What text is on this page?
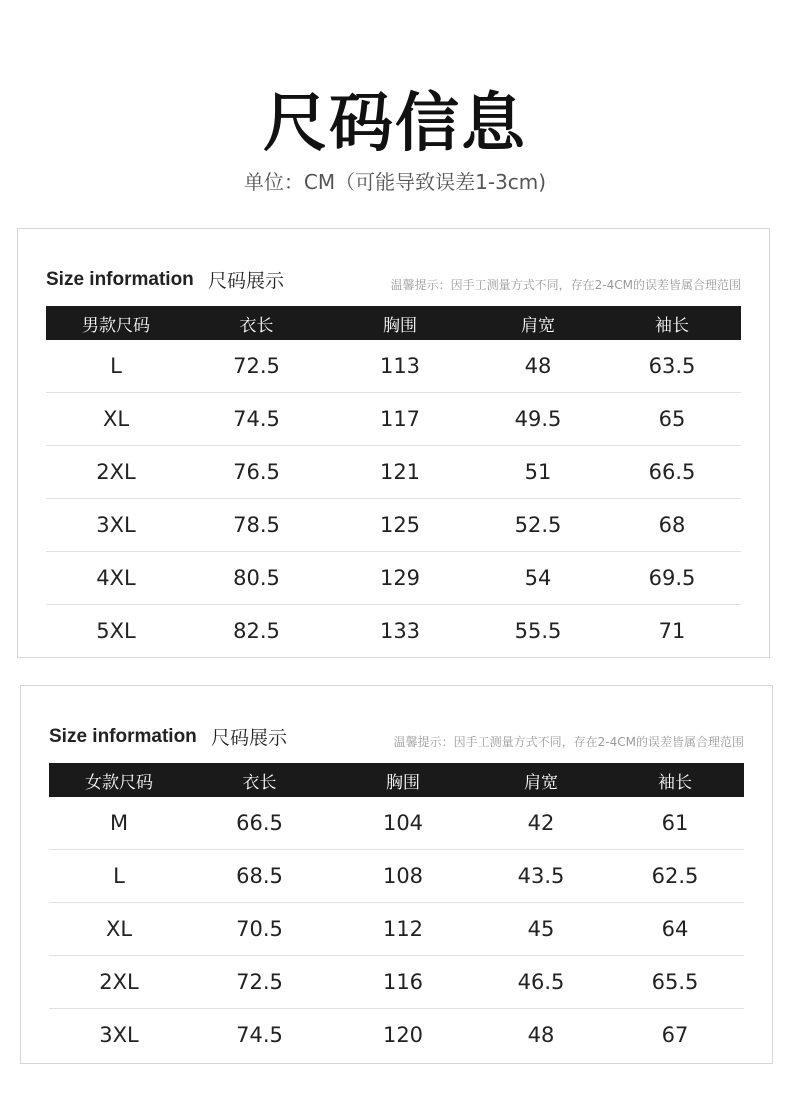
尺码信息
单位：CM（可能导致误差1-3cm)
Size information 尺码展示	温馨提示：因手工测量方式不同，存在2-4CM的误差皆属合理范围
男款尺码	衣长	胸围	肩宽	袖长
L	72.5	113	48	63.5
XL	74.5	117	49.5	65
2XL	76.5	121	51	66.5
3XL	78.5	125	52.5	68
4XL	80.5	129	54	69.5
5XL	82.5	133	55.5	71
Size information 尺码展示	温馨提示：因手工测量方式不同，存在2-4CM的误差皆属合理范围
女款尺码	衣长	胸围	肩宽	袖长
M	66.5	104	42	61
L	68.5	108	43.5	62.5
XL	70.5	112	45	64
2XL	72.5	116	46.5	65.5
3XL	74.5	120	48	67
